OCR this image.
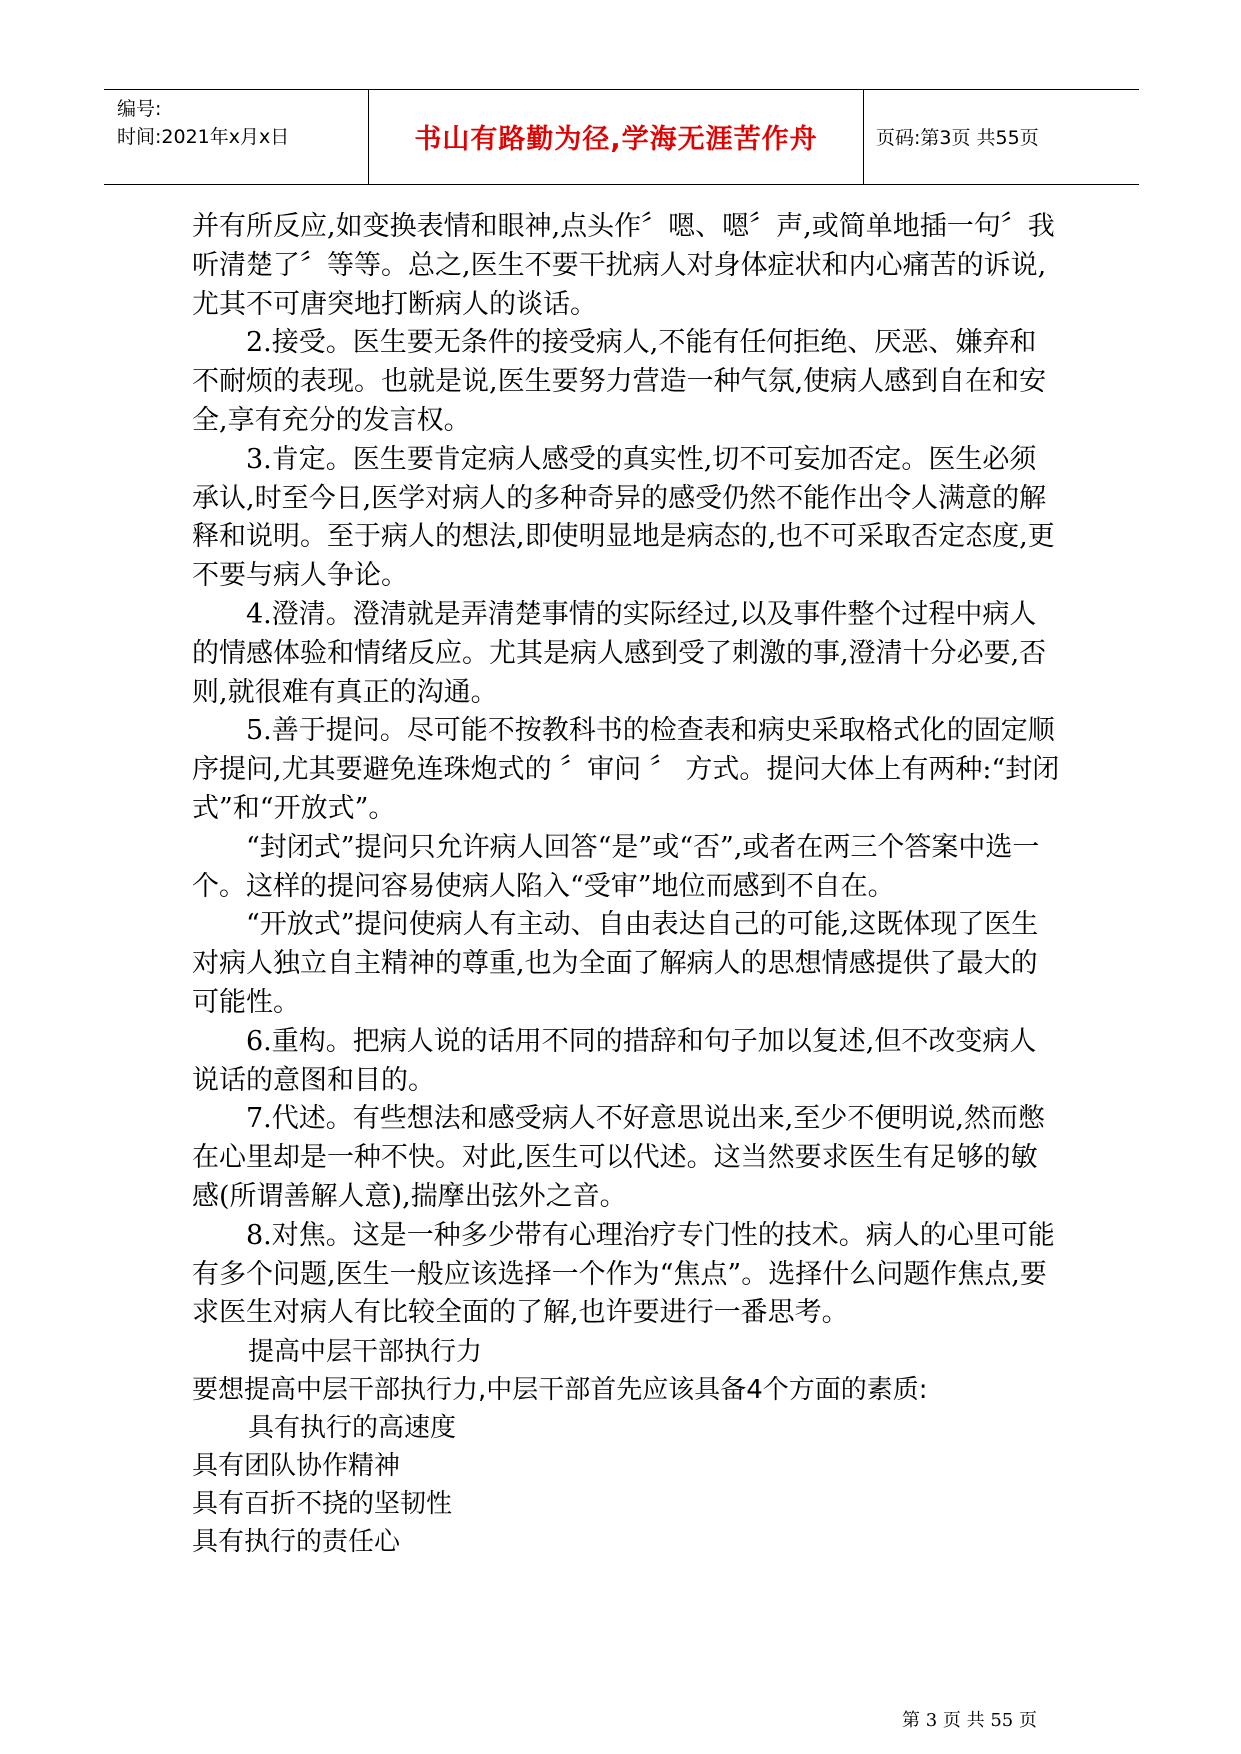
编号:
时间:2021年x月x日	书山有路勤为径,学海无涯苦作舟	页码:第3页 共55页

并有所反应,如变换表情和眼神,点头作〞嗯、嗯〞声,或简单地插一句〞我听清楚了〞等等。总之,医生不要干扰病人对身体症状和内心痛苦的诉说,尤其不可唐突地打断病人的谈话。

2.接受。医生要无条件的接受病人,不能有任何拒绝、厌恶、嫌弃和不耐烦的表现。也就是说,医生要努力营造一种气氛,使病人感到自在和安全,享有充分的发言权。

3.肯定。医生要肯定病人感受的真实性,切不可妄加否定。医生必须承认,时至今日,医学对病人的多种奇异的感受仍然不能作出令人满意的解释和说明。至于病人的想法,即使明显地是病态的,也不可采取否定态度,更不要与病人争论。

4.澄清。澄清就是弄清楚事情的实际经过,以及事件整个过程中病人的情感体验和情绪反应。尤其是病人感到受了刺激的事,澄清十分必要,否则,就很难有真正的沟通。

5.善于提问。尽可能不按教科书的检查表和病史采取格式化的固定顺序提问,尤其要避免连珠炮式的 〞审问 〞 方式。提问大体上有两种:“封闭式”和“开放式”。

“封闭式”提问只允许病人回答“是”或“否”,或者在两三个答案中选一个。这样的提问容易使病人陷入“受审”地位而感到不自在。

“开放式”提问使病人有主动、自由表达自己的可能,这既体现了医生对病人独立自主精神的尊重,也为全面了解病人的思想情感提供了最大的可能性。

6.重构。把病人说的话用不同的措辞和句子加以复述,但不改变病人说话的意图和目的。

7.代述。有些想法和感受病人不好意思说出来,至少不便明说,然而憋在心里却是一种不快。对此,医生可以代述。这当然要求医生有足够的敏感(所谓善解人意),揣摩出弦外之音。

8.对焦。这是一种多少带有心理治疗专门性的技术。病人的心里可能有多个问题,医生一般应该选择一个作为“焦点”。选择什么问题作焦点,要求医生对病人有比较全面的了解,也许要进行一番思考。

提高中层干部执行力

要想提高中层干部执行力,中层干部首先应该具备4个方面的素质:

具有执行的高速度

具有团队协作精神

具有百折不挠的坚韧性

具有执行的责任心

第 3 页 共 55 页
